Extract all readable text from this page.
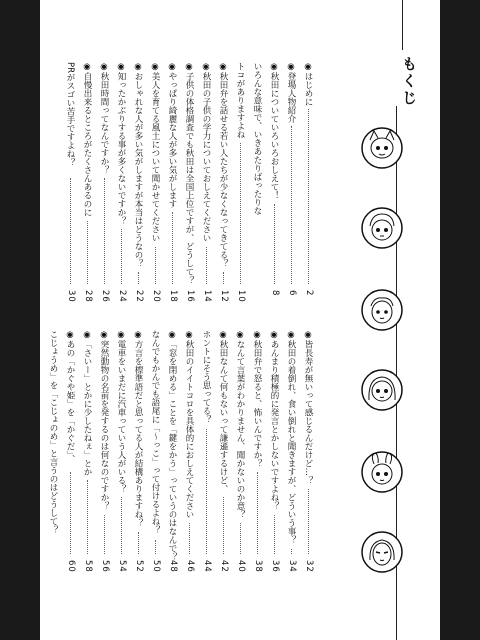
もくじ
◉はじめに
2
◉登場人物紹介
6
◉秋田についていろいろおしえて！
8
いろんな意味で、いきあたりばったりな
トコがありますよね
10
◉秋田弁を話せる若い人たちが少なくなってきてる？
12
◉秋田の子供の学力についておしえてください
14
◉子供の体格調査でも秋田は全国上位ですが、どうして？
16
◉やっぱり綺麗な人が多い気がします
18
◉美人を育てる風土について聞かせてください
20
◉おしゃれな人が多い気がしますが本当はどうなの？
22
◉知ったかぶりする事が多くないですか？
24
◉秋田時間ってなんですか？
26
◉自慢出来るところがたくさんあるのに
28
PRがスゴい苦手ですよね？
30
◉皆長寿が無いって感じるんだけど…？
32
◉秋田の着倒れ、食い倒れと聞きますが、どういう事？
34
◉あんまり積極的に発言とかしないですよね？
36
◉秋田弁で怒ると、怖いんですか？
38
◉なんて言葉がわかりません、聞かないのか意？
40
◉秋田なんて何もないって謙遜するけど、
42
ホントにそう思ってる？
44
◉秋田のイイトコロを具体的におしえてください
46
◉「窓を閉める」ことを「鍵をかう」っていうのはなんで？
48
なんでもかんでも語尾に「〜っこ」って付けるよね？
50
◉方言を標準語だと思ってる人が結構ありますね？
52
◉電車をいまだに汽車っていう人がいる？
54
◉突然動物の名前を発するのは何なのですか？
56
◉「さいー」とかに少したねぇ」とか
58
◉あの「かぐや姫」を「かぐだ」、
60
こじょうめ」を「こじょのめ」と言うのはどうして？
